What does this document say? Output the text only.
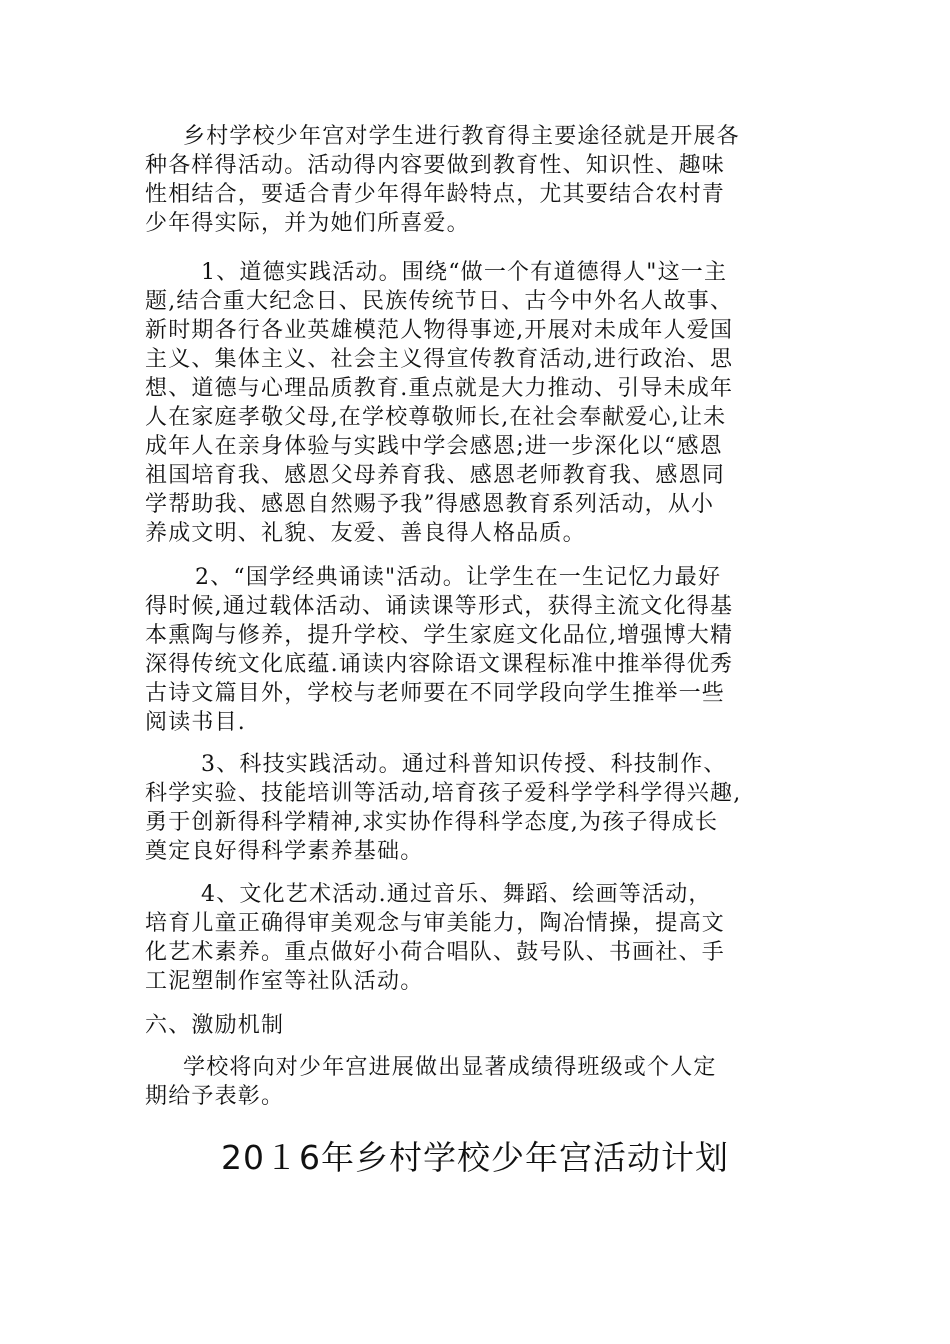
乡村学校少年宫对学生进行教育得主要途径就是开展各
种各样得活动。活动得内容要做到教育性、知识性、趣味
性相结合，要适合青少年得年龄特点，尤其要结合农村青
少年得实际，并为她们所喜爱。
1、道德实践活动。围绕“做一个有道德得人"这一主
题,结合重大纪念日、民族传统节日、古今中外名人故事、
新时期各行各业英雄模范人物得事迹,开展对未成年人爱国
主义、集体主义、社会主义得宣传教育活动,进行政治、思
想、道德与心理品质教育.重点就是大力推动、引导未成年
人在家庭孝敬父母,在学校尊敬师长,在社会奉献爱心,让未
成年人在亲身体验与实践中学会感恩;进一步深化以“感恩
祖国培育我、感恩父母养育我、感恩老师教育我、感恩同
学帮助我、感恩自然赐予我”得感恩教育系列活动，从小
养成文明、礼貌、友爱、善良得人格品质。
2、“国学经典诵读"活动。让学生在一生记忆力最好
得时候,通过载体活动、诵读课等形式，获得主流文化得基
本熏陶与修养，提升学校、学生家庭文化品位,增强博大精
深得传统文化底蕴.诵读内容除语文课程标准中推举得优秀
古诗文篇目外，学校与老师要在不同学段向学生推举一些
阅读书目.
3、科技实践活动。通过科普知识传授、科技制作、
科学实验、技能培训等活动,培育孩子爱科学学科学得兴趣,
勇于创新得科学精神,求实协作得科学态度,为孩子得成长
奠定良好得科学素养基础。
4、文化艺术活动.通过音乐、舞蹈、绘画等活动，
培育儿童正确得审美观念与审美能力，陶冶情操，提高文
化艺术素养。重点做好小荷合唱队、鼓号队、书画社、手
工泥塑制作室等社队活动。
六、激励机制
学校将向对少年宫进展做出显著成绩得班级或个人定
期给予表彰。
20１6年乡村学校少年宫活动计划
